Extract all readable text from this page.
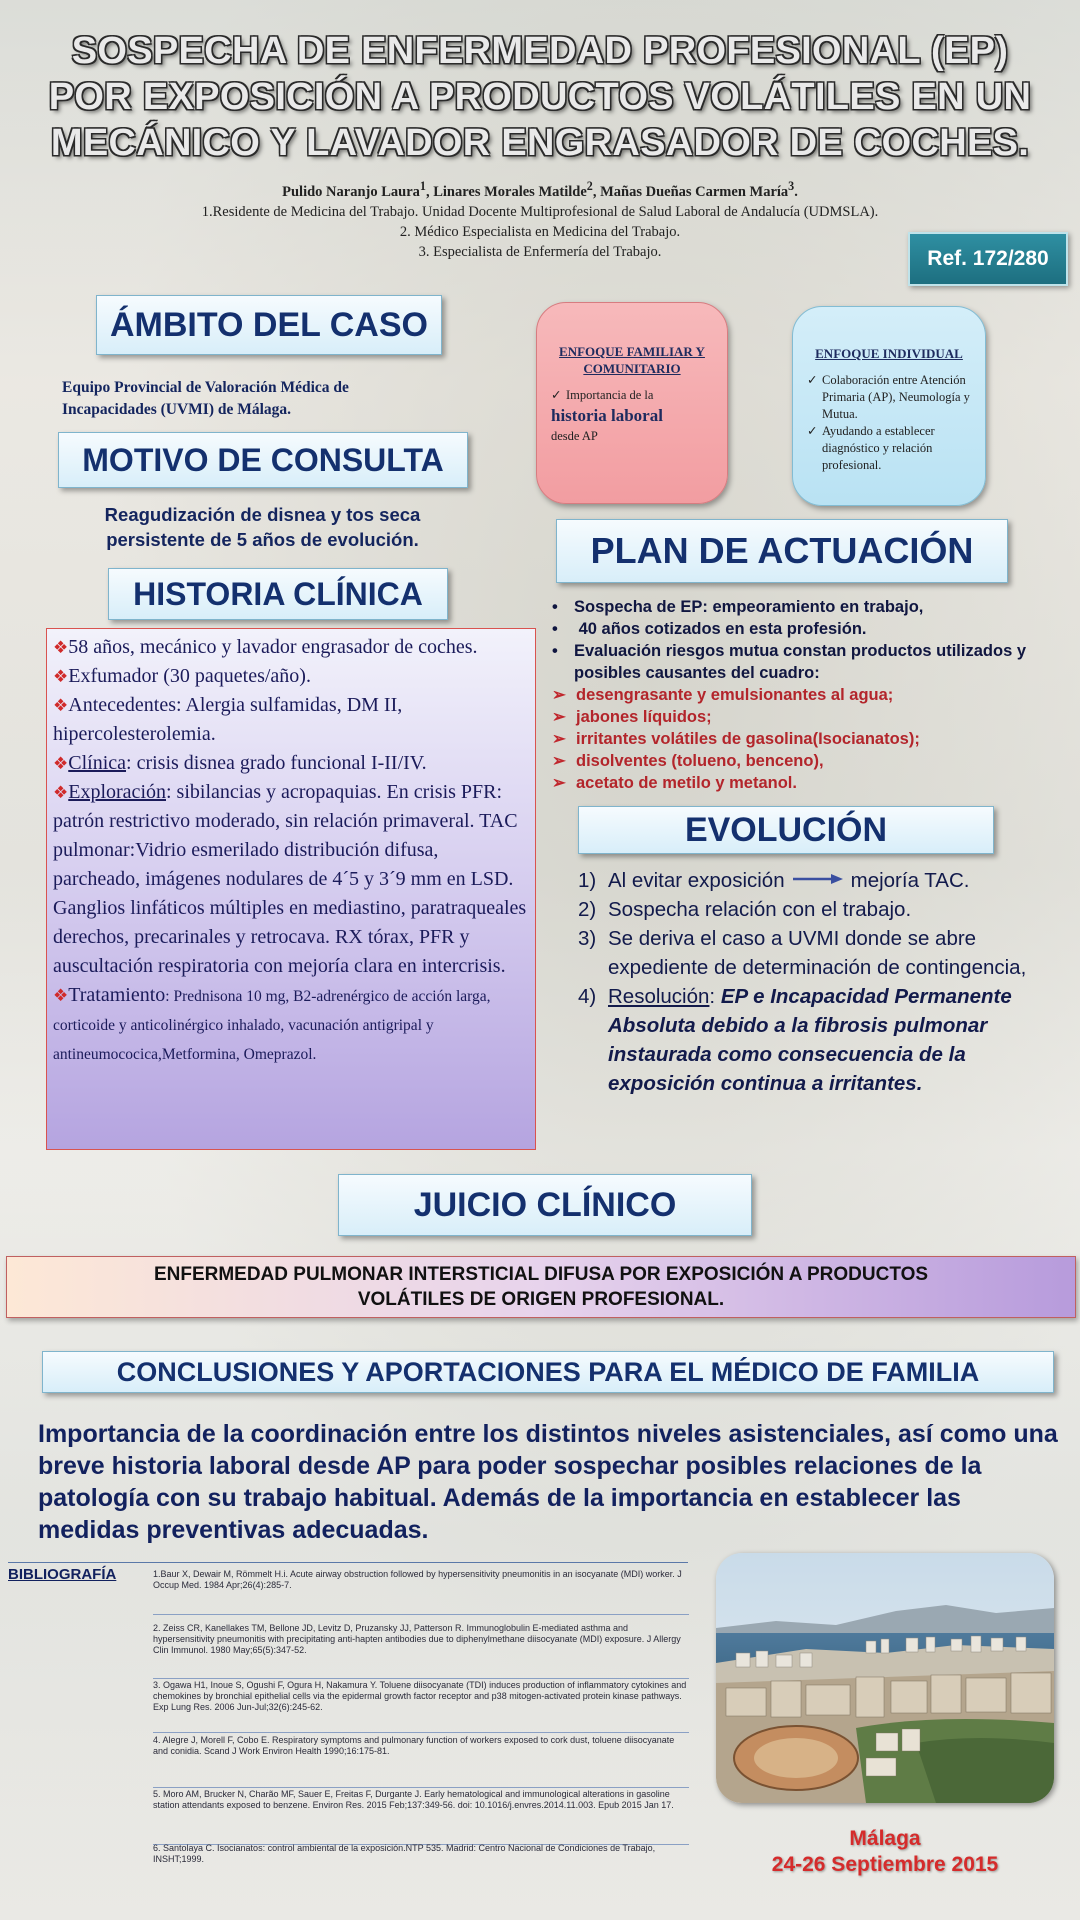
SOSPECHA DE ENFERMEDAD PROFESIONAL (EP)
POR EXPOSICIÓN A PRODUCTOS VOLÁTILES EN UN
MECÁNICO Y LAVADOR ENGRASADOR DE COCHES.
Pulido Naranjo Laura$^1$, Linares Morales Matilde$^2$, Mañas Dueñas Carmen María$^3$.
1.Residente de Medicina del Trabajo. Unidad Docente Multiprofesional de Salud Laboral de Andalucía (UDMSLA).
2. Médico Especialista en Medicina del Trabajo.
3. Especialista de Enfermería del Trabajo.	Ref. 172/280
ÁMBITO DEL CASO
Equipo Provincial de Valoración Médica de Incapacidades (UVMI) de Málaga.
MOTIVO DE CONSULTA
Reagudización de disnea y tos seca persistente de 5 años de evolución.
ENFOQUE FAMILIAR Y COMUNITARIO
✓ Importancia de la
historia laboral
desde AP
ENFOQUE INDIVIDUAL
✓ Colaboración entre Atención Primaria (AP), Neumología y Mutua.
✓ Ayudando a establecer diagnóstico y relación profesional.
PLAN DE ACTUACIÓN
• Sospecha de EP: empeoramiento en trabajo,
• 40 años cotizados en esta profesión.
• Evaluación riesgos mutua constan productos utilizados y posibles causantes del cuadro:
➢ desengrasante y emulsionantes al agua;
➢ jabones líquidos;
➢ irritantes volátiles de gasolina(Isocianatos);
➢ disolventes (tolueno, benceno),
➢ acetato de metilo y metanol.
HISTORIA CLÍNICA
❖58 años, mecánico y lavador engrasador de coches.
❖Exfumador (30 paquetes/año).
❖Antecedentes: Alergia sulfamidas, DM II, hipercolesterolemia.
❖Clínica: crisis disnea grado funcional I-II/IV.
❖Exploración: sibilancias y acropaquias. En crisis PFR: patrón restrictivo moderado, sin relación primaveral. TAC pulmonar:Vidrio esmerilado distribución difusa, parcheado, imágenes nodulares de 4´5 y 3´9 mm en LSD. Ganglios linfáticos múltiples en mediastino, paratraqueales derechos, precarinales y retrocava. RX tórax, PFR y auscultación respiratoria con mejoría clara en intercrisis.
❖Tratamiento: Prednisona 10 mg, B2-adrenérgico de acción larga, corticoide y anticolinérgico inhalado, vacunación antigripal y antineumococica,Metformina, Omeprazol.
EVOLUCIÓN
1) Al evitar exposición	mejoría TAC.
2) Sospecha relación con el trabajo.
3) Se deriva el caso a UVMI donde se abre expediente de determinación de contingencia,
4) Resolución: EP e Incapacidad Permanente Absoluta debido a la fibrosis pulmonar instaurada como consecuencia de la exposición continua a irritantes.
JUICIO CLÍNICO
ENFERMEDAD PULMONAR INTERSTICIAL DIFUSA POR EXPOSICIÓN A PRODUCTOS
VOLÁTILES DE ORIGEN PROFESIONAL.
CONCLUSIONES Y APORTACIONES PARA EL MÉDICO DE FAMILIA
Importancia de la coordinación entre los distintos niveles asistenciales, así como una breve historia laboral desde AP para poder sospechar posibles relaciones de la patología con su trabajo habitual. Además de la importancia en establecer las medidas preventivas adecuadas.
BIBLIOGRAFÍA	1.Baur X, Dewair M, Römmelt H.i. Acute airway obstruction followed by hypersensitivity pneumonitis in an isocyanate (MDI) worker. J Occup Med. 1984 Apr;26(4):285-7.
2. Zeiss CR, Kanellakes TM, Bellone JD, Levitz D, Pruzansky JJ, Patterson R. Immunoglobulin E-mediated asthma and hypersensitivity pneumonitis with precipitating anti-hapten antibodies due to diphenylmethane diisocyanate (MDI) exposure. J Allergy Clin Immunol. 1980 May;65(5):347-52.
3. Ogawa H1, Inoue S, Ogushi F, Ogura H, Nakamura Y. Toluene diisocyanate (TDI) induces production of inflammatory cytokines and chemokines by bronchial epithelial cells via the epidermal growth factor receptor and p38 mitogen-activated protein kinase pathways. Exp Lung Res. 2006 Jun-Jul;32(6):245-62.
4. Alegre J, Morell F, Cobo E. Respiratory symptoms and pulmonary function of workers exposed to cork dust, toluene diisocyanate and conidia. Scand J Work Environ Health 1990;16:175-81.
5. Moro AM, Brucker N, Charão MF, Sauer E, Freitas F, Durgante J. Early hematological and immunological alterations in gasoline station attendants exposed to benzene. Environ Res. 2015 Feb;137:349-56. doi: 10.1016/j.envres.2014.11.003. Epub 2015 Jan 17.
6. Santolaya C. Isocianatos: control ambiental de la exposición.NTP 535. Madrid: Centro Nacional de Condiciones de Trabajo, INSHT;1999.
Málaga
24-26 Septiembre 2015
